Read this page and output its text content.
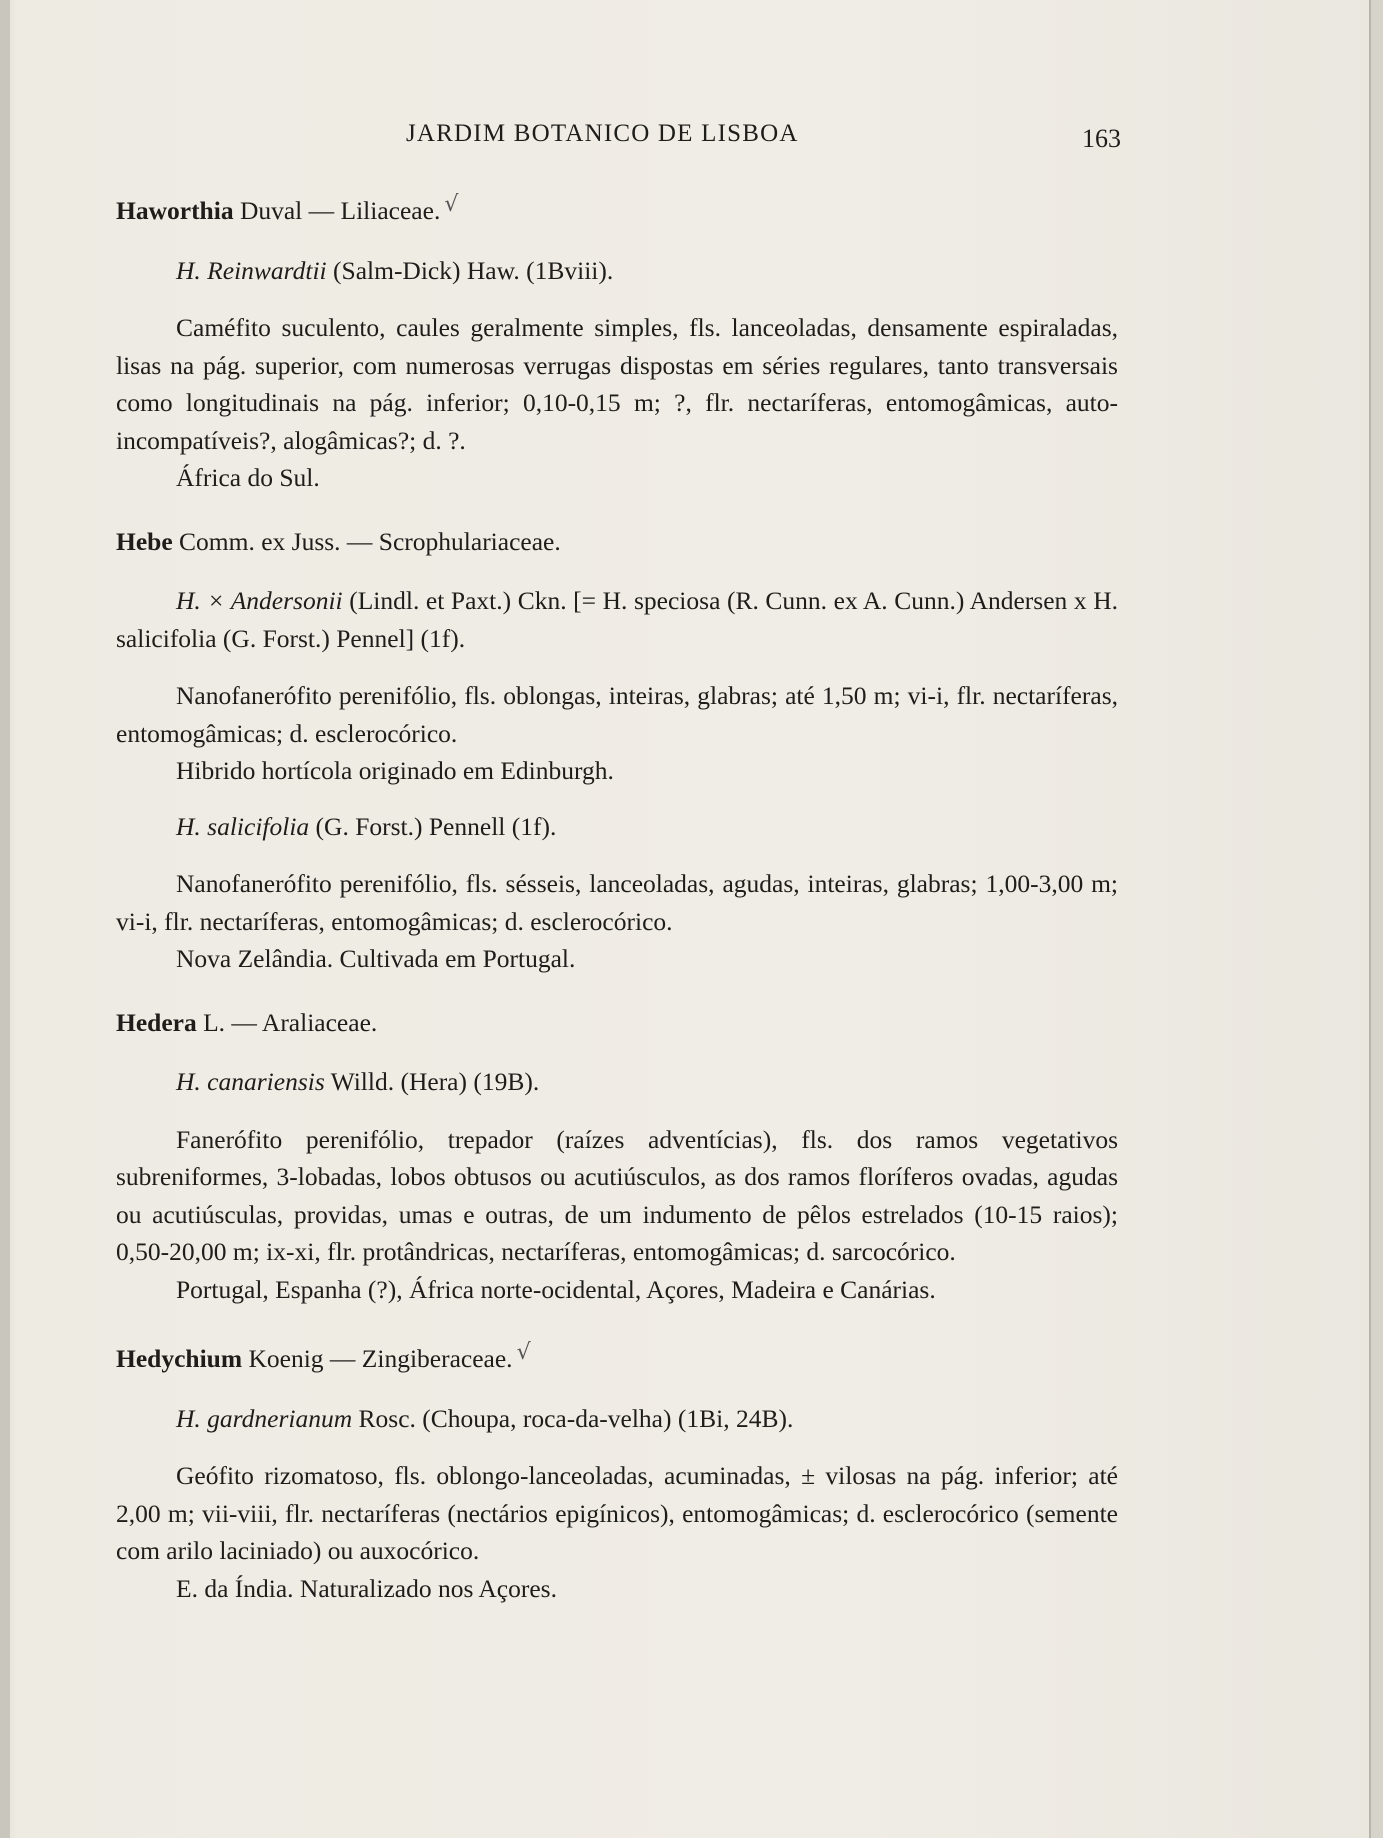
JARDIM BOTANICO DE LISBOA	163

Haworthia Duval — Liliaceae. √

H. Reinwardtii (Salm-Dick) Haw. (1Bviii).

Caméfito suculento, caules geralmente simples, fls. lanceoladas, densamente espiraladas, lisas na pág. superior, com numerosas verrugas dispostas em séries regulares, tanto transversais como longitudinais na pág. inferior; 0,10-0,15 m; ?, flr. nectaríferas, entomogâmicas, auto-incompatíveis?, alogâmicas?; d. ?.

África do Sul.

Hebe Comm. ex Juss. — Scrophulariaceae.

H. × Andersonii (Lindl. et Paxt.) Ckn. [= H. speciosa (R. Cunn. ex A. Cunn.) Andersen x H. salicifolia (G. Forst.) Pennel] (1f).

Nanofanerófito perenifólio, fls. oblongas, inteiras, glabras; até 1,50 m; vi-i, flr. nectaríferas, entomogâmicas; d. esclerocórico.

Hibrido hortícola originado em Edinburgh.

H. salicifolia (G. Forst.) Pennell (1f).

Nanofanerófito perenifólio, fls. sésseis, lanceoladas, agudas, inteiras, glabras; 1,00-3,00 m; vi-i, flr. nectaríferas, entomogâmicas; d. esclerocórico.

Nova Zelândia. Cultivada em Portugal.

Hedera L. — Araliaceae.

H. canariensis Willd. (Hera) (19B).

Fanerófito perenifólio, trepador (raízes adventícias), fls. dos ramos vegetativos subreniformes, 3-lobadas, lobos obtusos ou acutiúsculos, as dos ramos floríferos ovadas, agudas ou acutiúsculas, providas, umas e outras, de um indumento de pêlos estrelados (10-15 raios); 0,50-20,00 m; ix-xi, flr. protândricas, nectaríferas, entomogâmicas; d. sarcocórico.

Portugal, Espanha (?), África norte-ocidental, Açores, Madeira e Canárias.

Hedychium Koenig — Zingiberaceae. √

H. gardnerianum Rosc. (Choupa, roca-da-velha) (1Bi, 24B).

Geófito rizomatoso, fls. oblongo-lanceoladas, acuminadas, ± vilosas na pág. inferior; até 2,00 m; vii-viii, flr. nectaríferas (nectários epigínicos), entomogâmicas; d. esclerocórico (semente com arilo laciniado) ou auxocórico.

E. da Índia. Naturalizado nos Açores.
